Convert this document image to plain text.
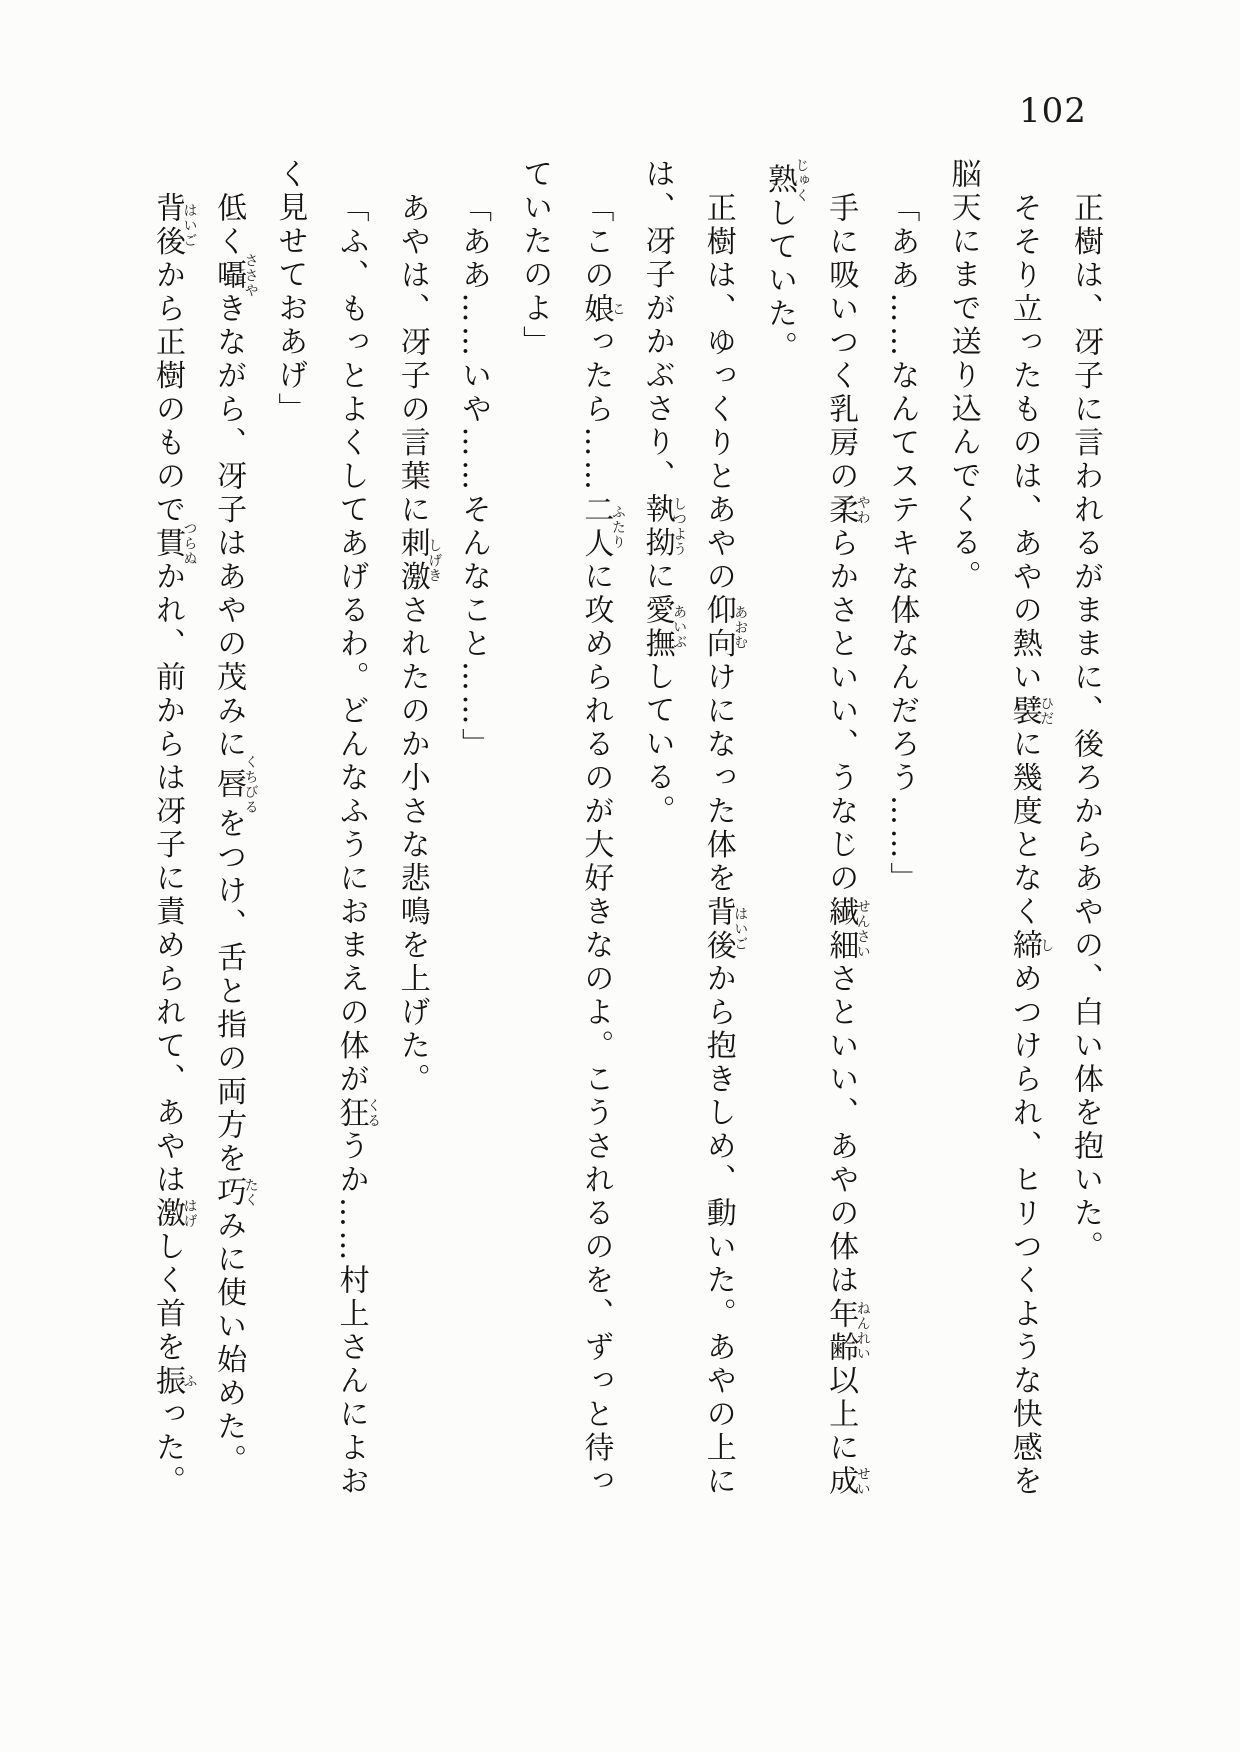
102
正樹は、冴子に言われるがままに、後ろからあやの、白い体を抱いた。
そそり立ったものは、あやの熱い襞ひだに幾度となく締しめつけられ、ヒリつくような快感を
脳天にまで送り込んでくる。
「ああ……なんてステキな体なんだろう……」
手に吸いつく乳房の柔やわらかさといい、うなじの繊細せんさいさといい、あやの体は年齢ねんれい以上に成せい
熟じゅくしていた。
正樹は、ゆっくりとあやの仰向あおむけになった体を背後はいごから抱きしめ、動いた。あやの上に
は、冴子がかぶさり、執拗しつように愛撫あいぶしている。
「この娘こったら……二人ふたりに攻められるのが大好きなのよ。こうされるのを、ずっと待っ
ていたのよ」
「ああ……いや……そんなこと……」
あやは、冴子の言葉に刺激しげきされたのか小さな悲鳴を上げた。
「ふ、もっとよくしてあげるわ。どんなふうにおまえの体が狂くるうか……村上さんによお
く見せておあげ」
低く囁ささやきながら、冴子はあやの茂みに唇くちびるをつけ、舌と指の両方を巧たくみに使い始めた。
背後はいごから正樹のもので貫つらぬかれ、前からは冴子に責められて、あやは激はげしく首を振ふった。
